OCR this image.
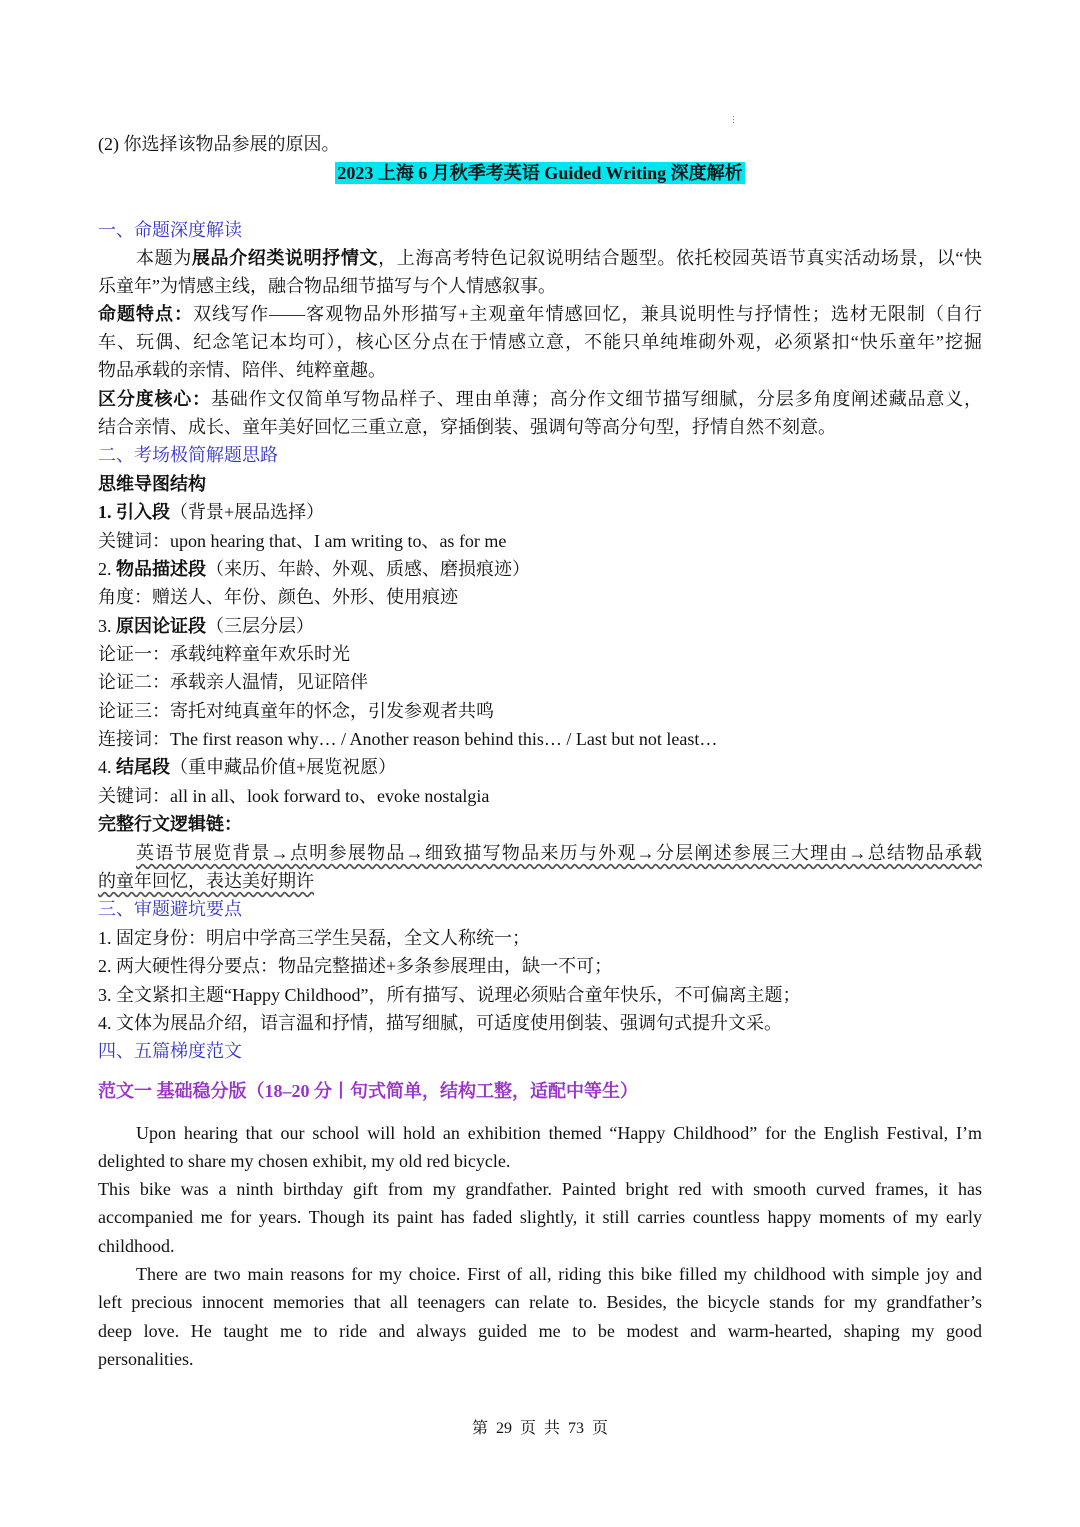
(2) 你选择该物品参展的原因。
2023 上海 6 月秋季考英语 Guided Writing 深度解析
一、命题深度解读
本题为展品介绍类说明抒情文，上海高考特色记叙说明结合题型。依托校园英语节真实活动场景，以“快
乐童年”为情感主线，融合物品细节描写与个人情感叙事。
命题特点：双线写作——客观物品外形描写+主观童年情感回忆，兼具说明性与抒情性；选材无限制（自行
车、玩偶、纪念笔记本均可），核心区分点在于情感立意，不能只单纯堆砌外观，必须紧扣“快乐童年”挖掘
物品承载的亲情、陪伴、纯粹童趣。
区分度核心：基础作文仅简单写物品样子、理由单薄；高分作文细节描写细腻，分层多角度阐述藏品意义，
结合亲情、成长、童年美好回忆三重立意，穿插倒装、强调句等高分句型，抒情自然不刻意。
二、考场极简解题思路
思维导图结构
1. 引入段（背景+展品选择）
关键词：upon hearing that、I am writing to、as for me
2. 物品描述段（来历、年龄、外观、质感、磨损痕迹）
角度：赠送人、年份、颜色、外形、使用痕迹
3. 原因论证段（三层分层）
论证一：承载纯粹童年欢乐时光
论证二：承载亲人温情，见证陪伴
论证三：寄托对纯真童年的怀念，引发参观者共鸣
连接词：The first reason why… / Another reason behind this… / Last but not least…
4. 结尾段（重申藏品价值+展览祝愿）
关键词：all in all、look forward to、evoke nostalgia
完整行文逻辑链：
英语节展览背景→点明参展物品→细致描写物品来历与外观→分层阐述参展三大理由→总结物品承载
的童年回忆，表达美好期许
三、审题避坑要点
1. 固定身份：明启中学高三学生吴磊，全文人称统一；
2. 两大硬性得分要点：物品完整描述+多条参展理由，缺一不可；
3. 全文紧扣主题“Happy Childhood”，所有描写、说理必须贴合童年快乐，不可偏离主题；
4. 文体为展品介绍，语言温和抒情，描写细腻，可适度使用倒装、强调句式提升文采。
四、五篇梯度范文
范文一 基础稳分版（18–20 分丨句式简单，结构工整，适配中等生）
Upon hearing that our school will hold an exhibition themed “Happy Childhood” for the English Festival, I’m
delighted to share my chosen exhibit, my old red bicycle.
This bike was a ninth birthday gift from my grandfather. Painted bright red with smooth curved frames, it has
accompanied me for years. Though its paint has faded slightly, it still carries countless happy moments of my early
childhood.
There are two main reasons for my choice. First of all, riding this bike filled my childhood with simple joy and
left precious innocent memories that all teenagers can relate to. Besides, the bicycle stands for my grandfather’s
deep love. He taught me to ride and always guided me to be modest and warm-hearted, shaping my good
personalities.
第 29 页 共 73 页
